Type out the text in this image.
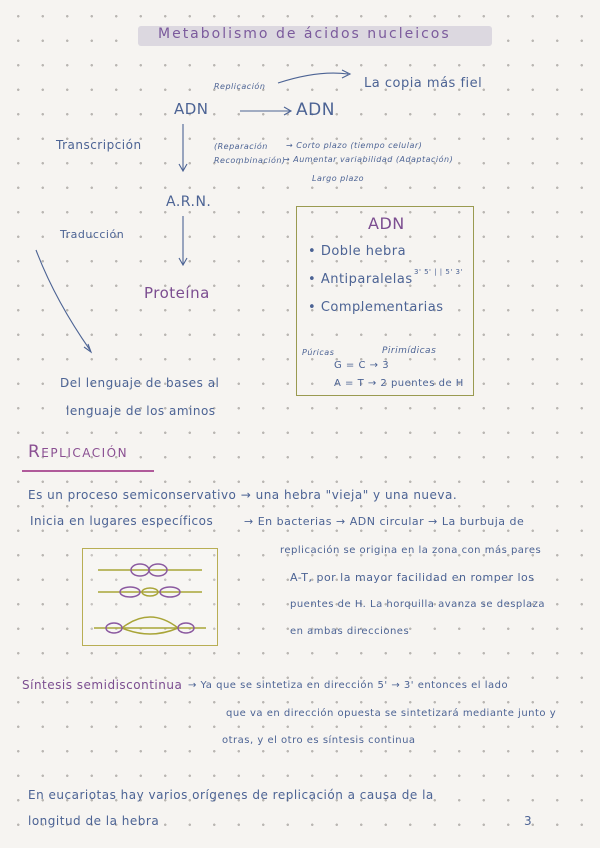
Metabolismo de ácidos nucleicos
Replicación	La copia más fiel
ADN	ADN
Transcripción	(Reparación
Recombinación)
→ Corto plazo (tiempo celular)
→ Aumentar variabilidad (Adaptación)
Largo plazo
A.R.N.
Traducción
Proteína
Del lenguaje de bases al
lenguaje de los aminos
ADN
• Doble hebra
• Antiparalelas 3' 5' | | 5' 3'
• Complementarias
Púricas	Pirimídicas
G = C → 3
A = T → 2 puentes de H
Replicación
Es un proceso semiconservativo → una hebra "vieja" y una nueva.
Inicia en lugares específicos	→ En bacterias → ADN circular → La burbuja de
replicación se origina en la zona con más pares
A-T, por la mayor facilidad en romper los
puentes de H. La horquilla avanza se desplaza
en ambas direcciones
Síntesis semidiscontinua → Ya que se sintetiza en dirección 5' → 3' entonces el lado
que va en dirección opuesta se sintetizará mediante junto y
otras, y el otro es síntesis continua
En eucariotas hay varios orígenes de replicación a causa de la
longitud de la hebra	3
